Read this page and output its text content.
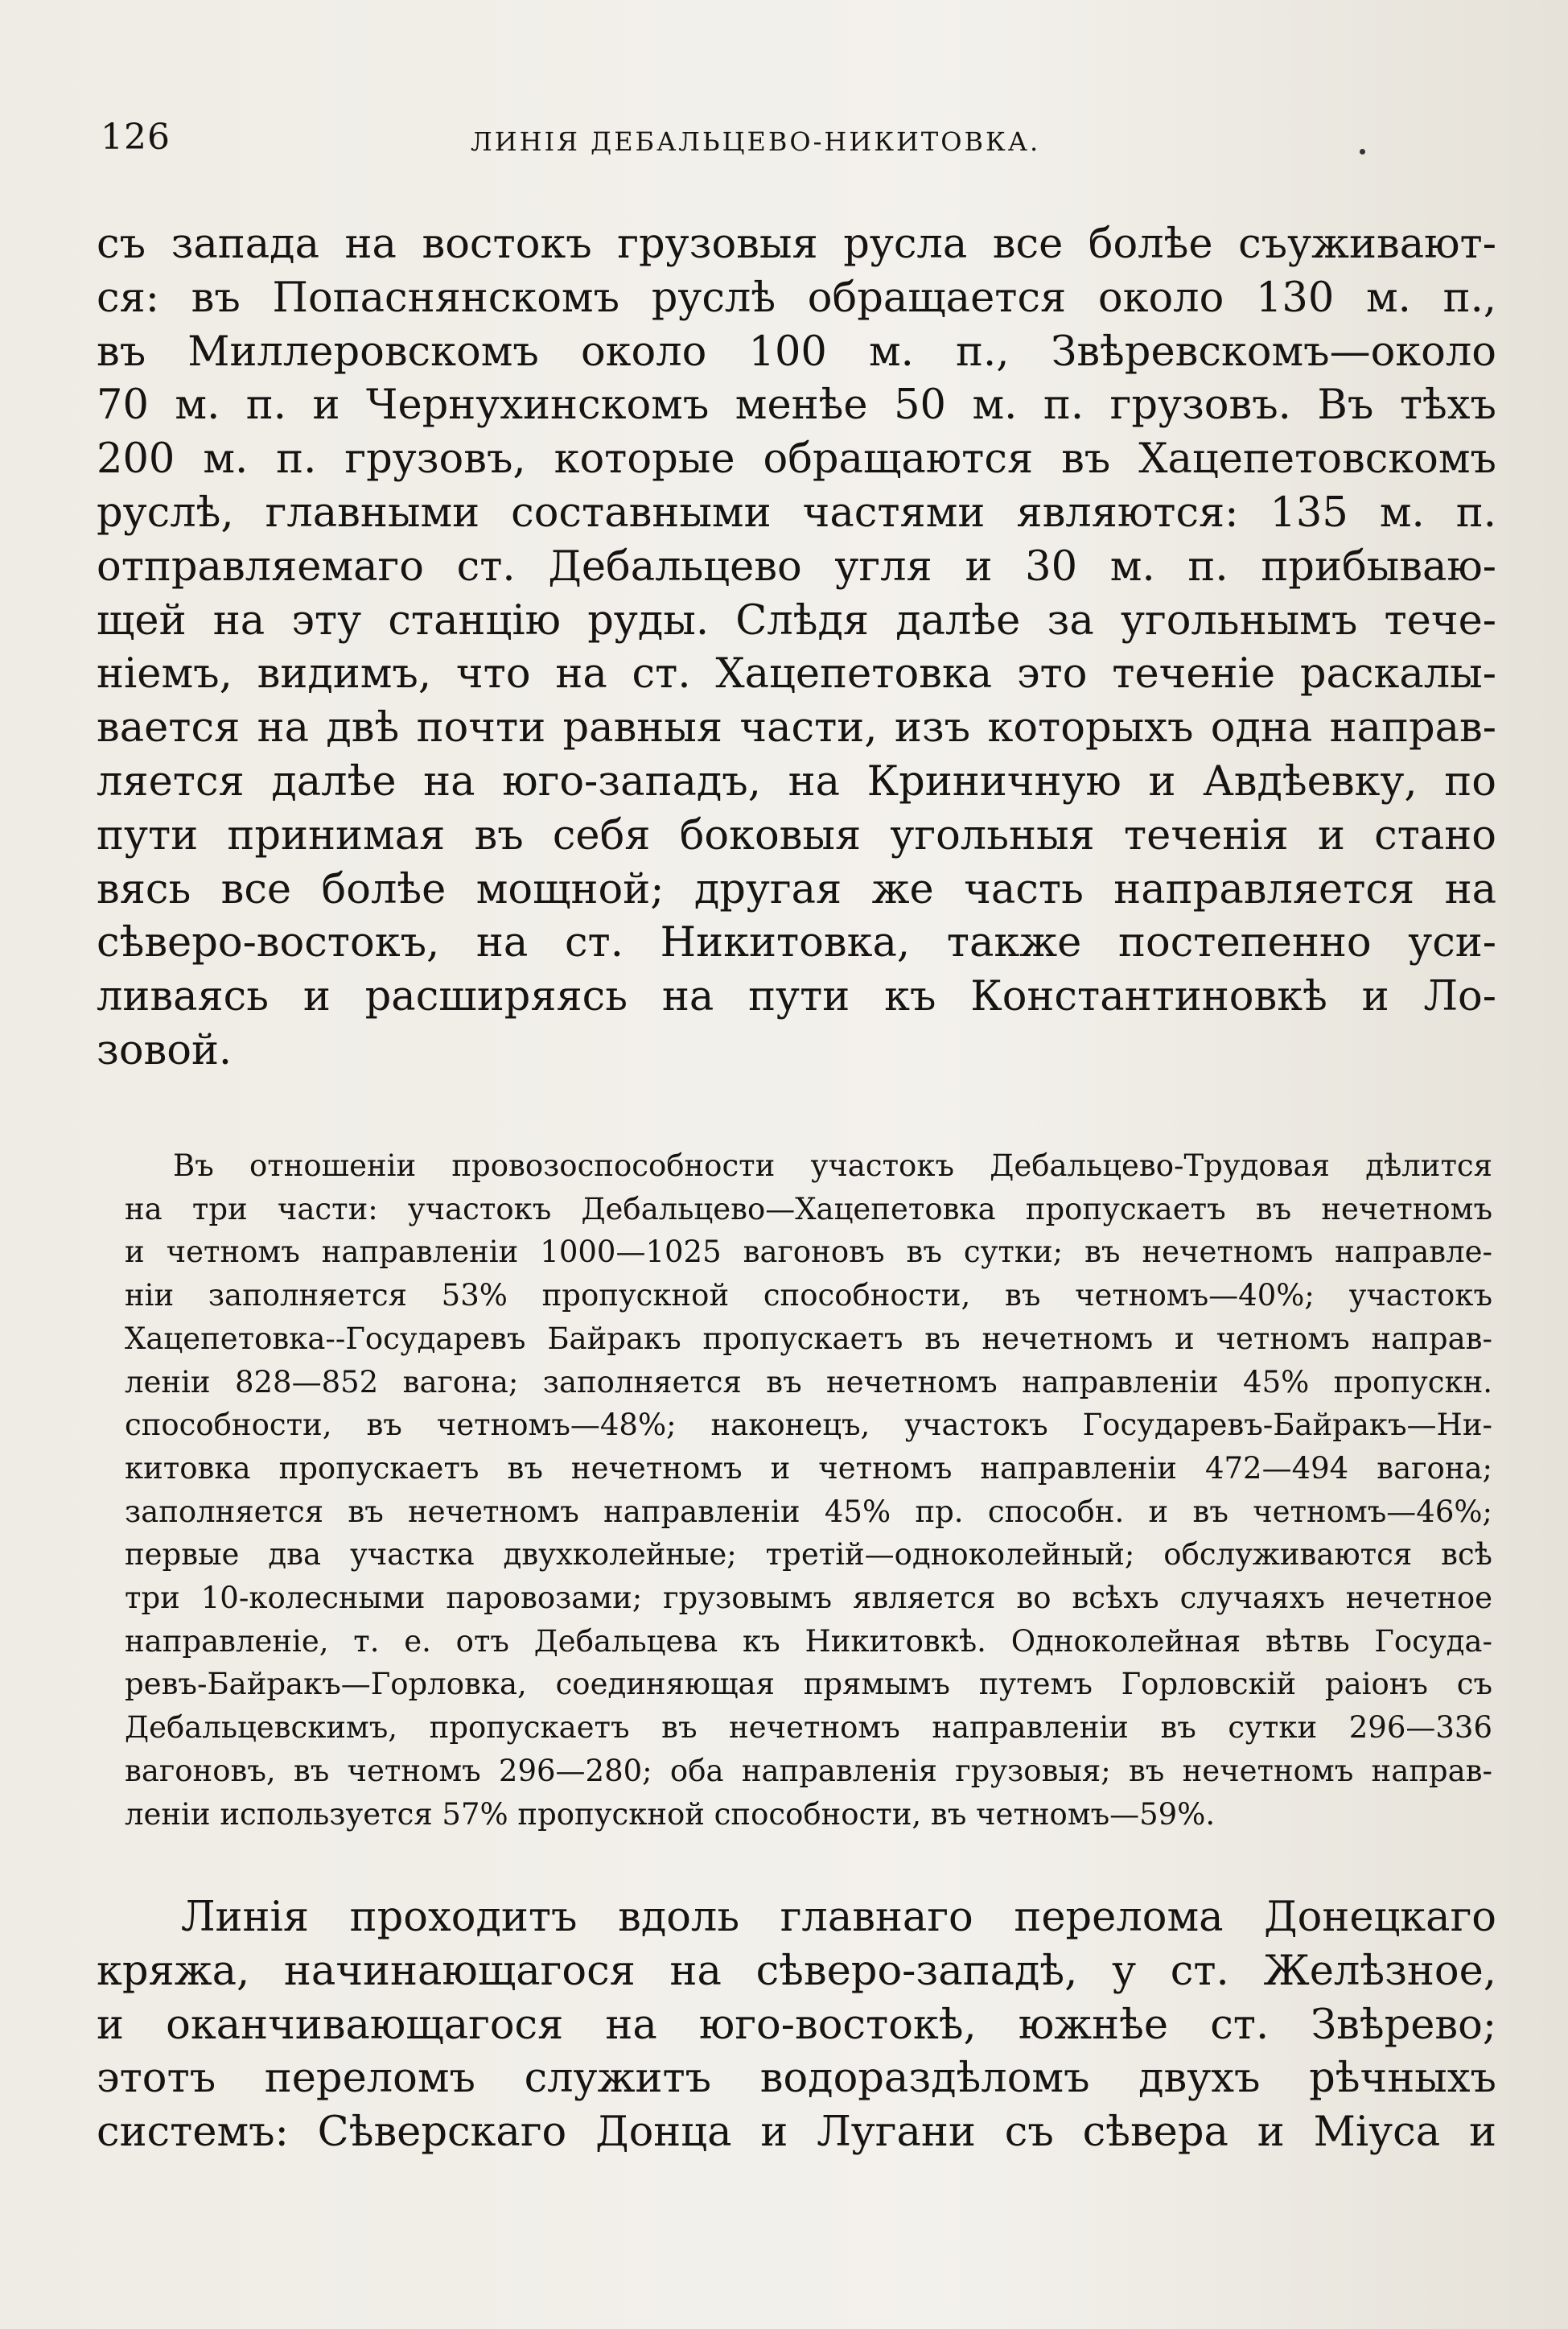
126	ЛИНІЯ ДЕБАЛЬЦЕВО-НИКИТОВКА.
съ запада на востокъ грузовыя русла все болѣе съуживают-
ся: въ Попаснянскомъ руслѣ обращается около 130 м. п.,
въ Миллеровскомъ около 100 м. п., Звѣревскомъ—около
70 м. п. и Чернухинскомъ менѣе 50 м. п. грузовъ. Въ тѣхъ
200 м. п. грузовъ, которые обращаются въ Хацепетовскомъ
руслѣ, главными составными частями являются: 135 м. п.
отправляемаго ст. Дебальцево угля и 30 м. п. прибываю-
щей на эту станцію руды. Слѣдя далѣе за угольнымъ тече-
ніемъ, видимъ, что на ст. Хацепетовка это теченіе раскалы-
вается на двѣ почти равныя части, изъ которыхъ одна направ-
ляется далѣе на юго-западъ, на Криничную и Авдѣевку, по
пути принимая въ себя боковыя угольныя теченія и стано
вясь все болѣе мощной; другая же часть направляется на
сѣверо-востокъ, на ст. Никитовка, также постепенно уси-
ливаясь и расширяясь на пути къ Константиновкѣ и Ло-
зовой.
Въ отношеніи провозоспособности участокъ Дебальцево-Трудовая дѣлится
на три части: участокъ Дебальцево—Хацепетовка пропускаетъ въ нечетномъ
и четномъ направленіи 1000—1025 вагоновъ въ сутки; въ нечетномъ направле-
ніи заполняется 53% пропускной способности, въ четномъ—40%; участокъ
Хацепетовка--Государевъ Байракъ пропускаетъ въ нечетномъ и четномъ направ-
леніи 828—852 вагона; заполняется въ нечетномъ направленіи 45% пропускн.
способности, въ четномъ—48%; наконецъ, участокъ Государевъ-Байракъ—Ни-
китовка пропускаетъ въ нечетномъ и четномъ направленіи 472—494 вагона;
заполняется въ нечетномъ направленіи 45% пр. способн. и въ четномъ—46%;
первые два участка двухколейные; третій—одноколейный; обслуживаются всѣ
три 10-колесными паровозами; грузовымъ является во всѣхъ случаяхъ нечетное
направленіе, т. е. отъ Дебальцева къ Никитовкѣ. Одноколейная вѣтвь Госуда-
ревъ-Байракъ—Горловка, соединяющая прямымъ путемъ Горловскій раіонъ съ
Дебальцевскимъ, пропускаетъ въ нечетномъ направленіи въ сутки 296—336
вагоновъ, въ четномъ 296—280; оба направленія грузовыя; въ нечетномъ направ-
леніи используется 57% пропускной способности, въ четномъ—59%.
Линія проходитъ вдоль главнаго перелома Донецкаго
кряжа, начинающагося на сѣверо-западѣ, у ст. Желѣзное,
и оканчивающагося на юго-востокѣ, южнѣе ст. Звѣрево;
этотъ переломъ служитъ водораздѣломъ двухъ рѣчныхъ
системъ: Сѣверскаго Донца и Лугани съ сѣвера и Міуса и
